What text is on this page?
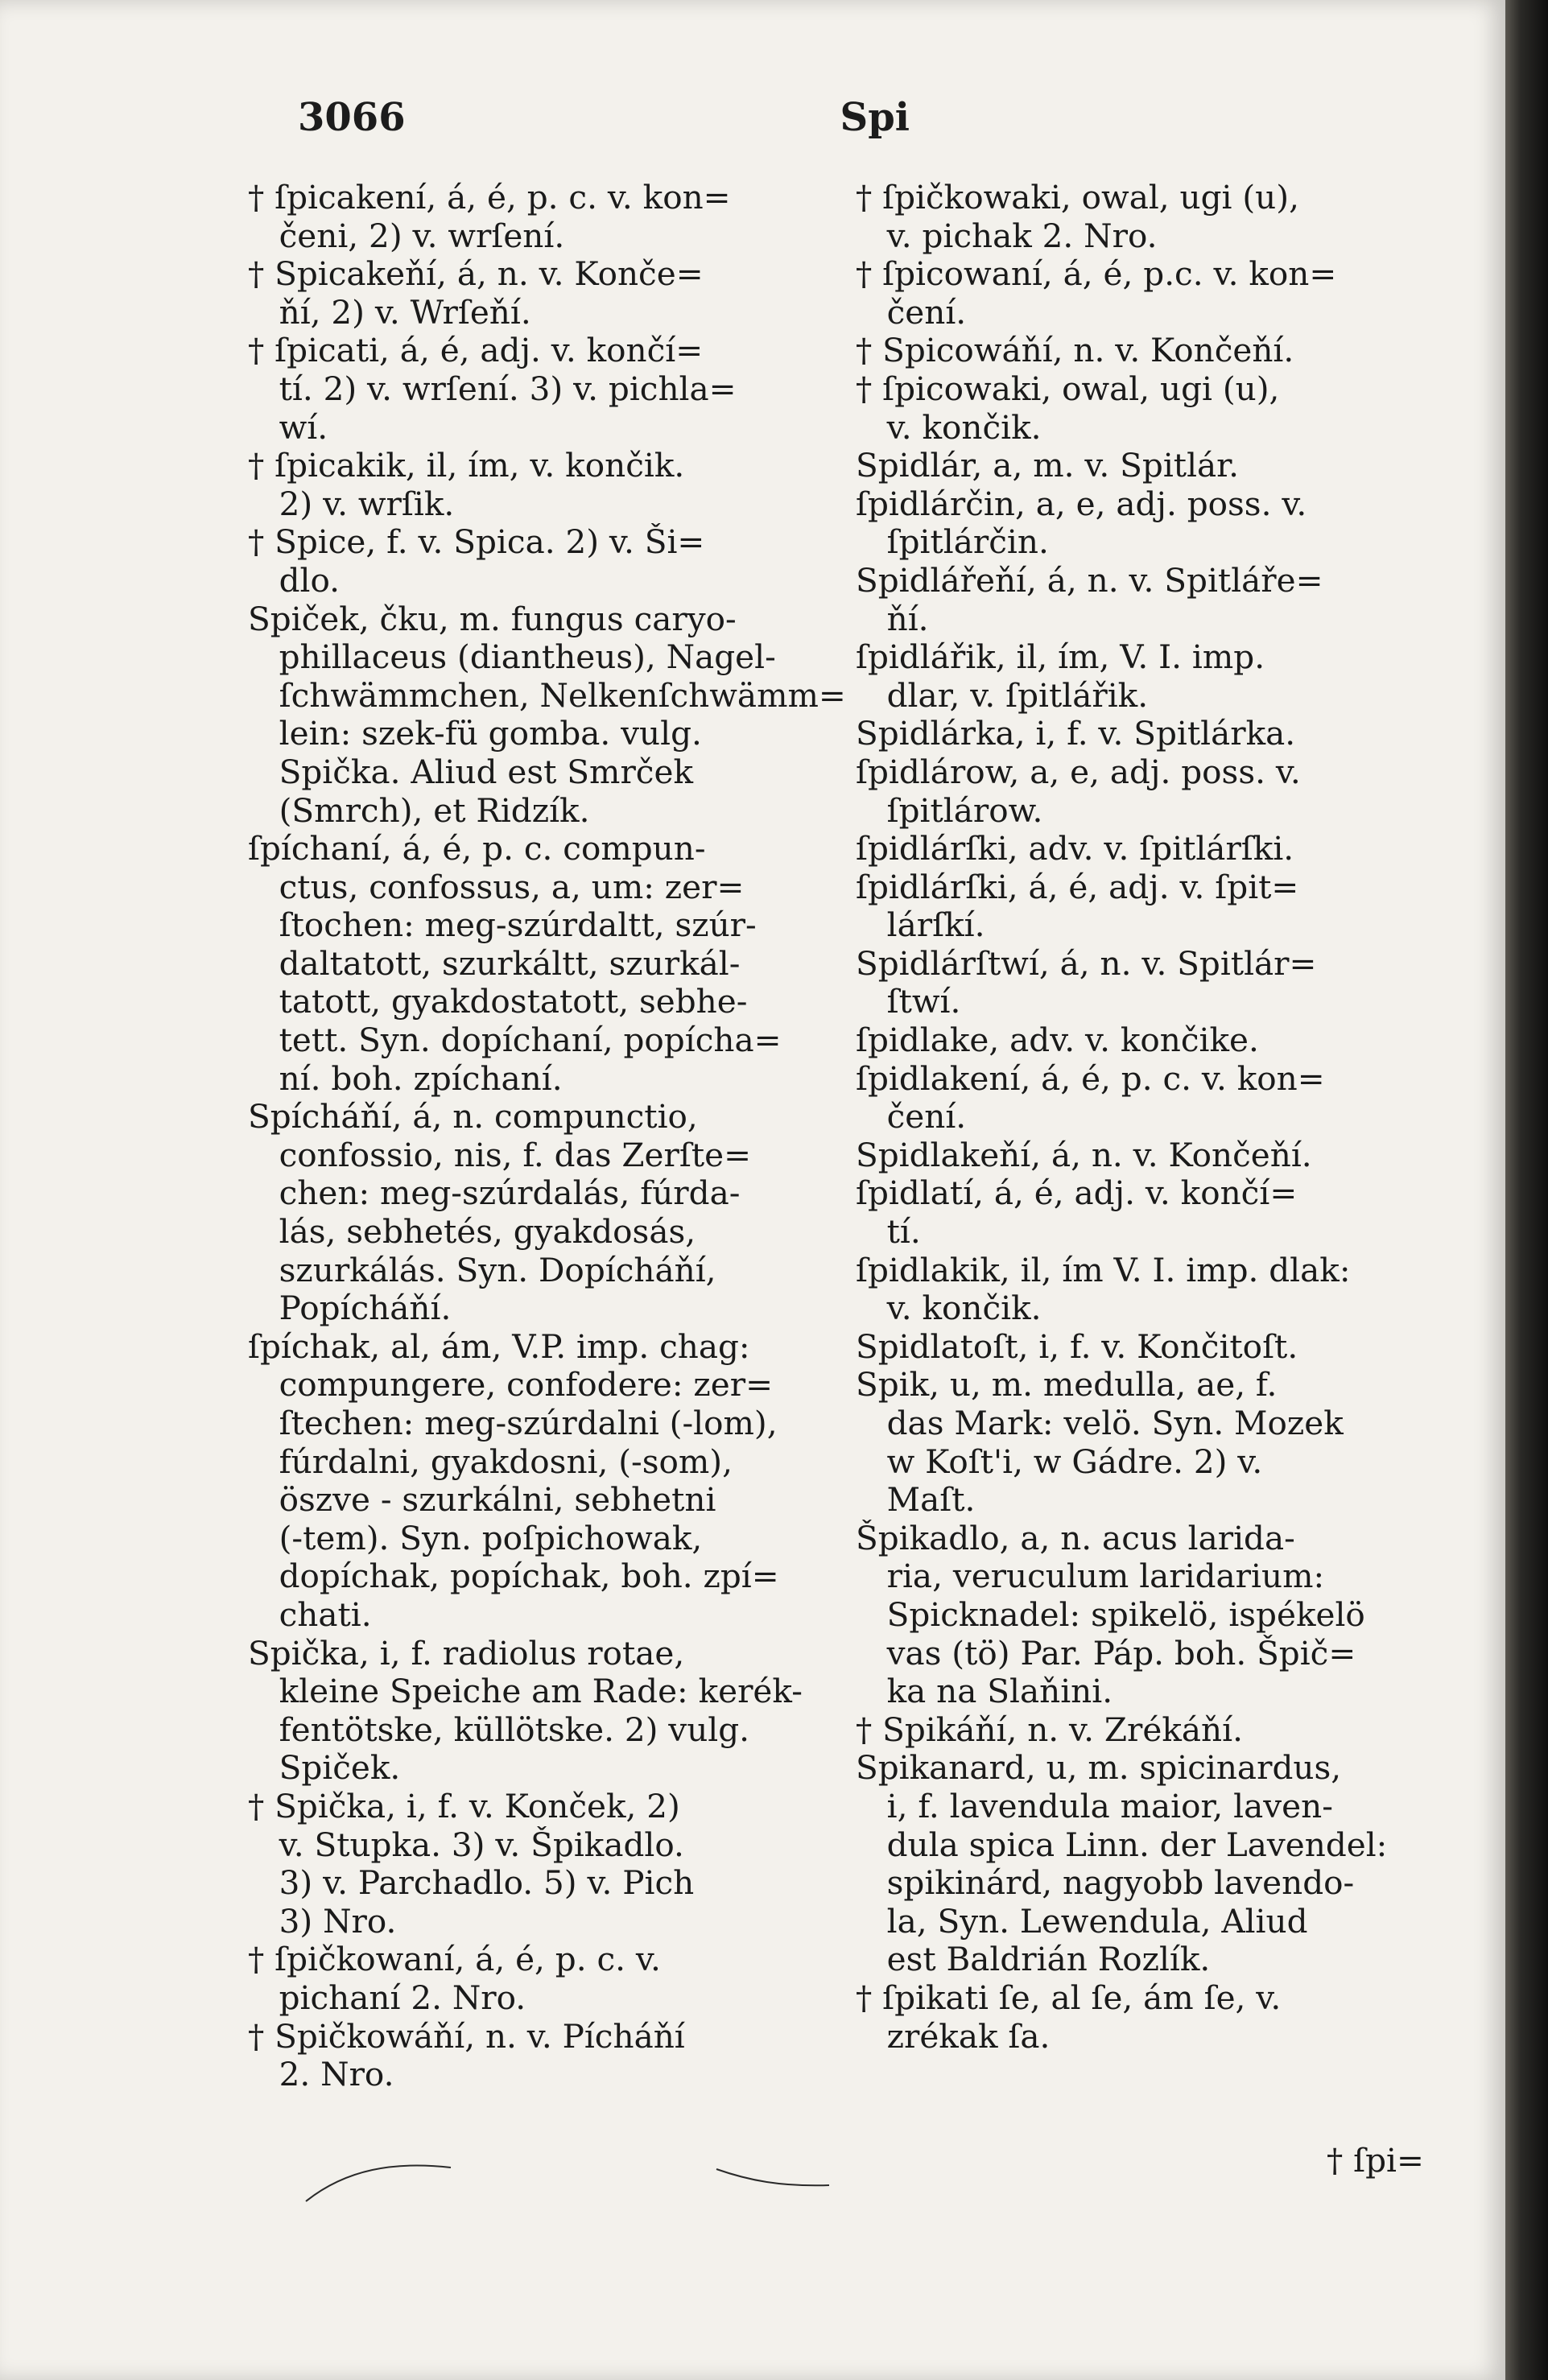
3066	Spi
† ſpicakení, á, é, p. c. v. kon=
čeni, 2) v. wrſení.
† Spicakeňí, á, n. v. Konče=
ňí, 2) v. Wrſeňí.
† ſpicati, á, é, adj. v. končí=
tí. 2) v. wrſení. 3) v. pichla=
wí.
† ſpicakik, il, ím, v. končik.
2) v. wrſik.
† Spice, f. v. Spica. 2) v. Ši=
dlo.
Spiček, čku, m. fungus caryo-
phillaceus (diantheus), Nagel-
ſchwämmchen, Nelkenſchwämm=
lein: szek-fü gomba. vulg.
Spička. Aliud est Smrček
(Smrch), et Ridzík.
ſpíchaní, á, é, p. c. compun-
ctus, confossus, a, um: zer=
ſtochen: meg-szúrdaltt, szúr-
daltatott, szurkáltt, szurkál-
tatott, gyakdostatott, sebhe-
tett. Syn. dopíchaní, popícha=
ní. boh. zpíchaní.
Spícháňí, á, n. compunctio,
confossio, nis, f. das Zerſte=
chen: meg-szúrdalás, fúrda-
lás, sebhetés, gyakdosás,
szurkálás. Syn. Dopícháňí,
Popícháňí.
ſpíchak, al, ám, V.P. imp. chag:
compungere, confodere: zer=
ſtechen: meg-szúrdalni (-lom),
fúrdalni, gyakdosni, (-som),
öszve - szurkálni, sebhetni
(-tem). Syn. poſpichowak,
dopíchak, popíchak, boh. zpí=
chati.
Spička, i, f. radiolus rotae,
kleine Speiche am Rade: kerék-
fentötske, küllötske. 2) vulg.
Spiček.
† Spička, i, f. v. Konček, 2)
v. Stupka. 3) v. Špikadlo.
3) v. Parchadlo. 5) v. Pich
3) Nro.
† ſpičkowaní, á, é, p. c. v.
pichaní 2. Nro.
† Spičkowáňí, n. v. Pícháňí
2. Nro.
† ſpičkowaki, owal, ugi (u),
v. pichak 2. Nro.
† ſpicowaní, á, é, p.c. v. kon=
čení.
† Spicowáňí, n. v. Končeňí.
† ſpicowaki, owal, ugi (u),
v. končik.
Spidlár, a, m. v. Spitlár.
ſpidlárčin, a, e, adj. poss. v.
ſpitlárčin.
Spidlářeňí, á, n. v. Spitláře=
ňí.
ſpidlářik, il, ím, V. I. imp.
dlar, v. ſpitlářik.
Spidlárka, i, f. v. Spitlárka.
ſpidlárow, a, e, adj. poss. v.
ſpitlárow.
ſpidlárſki, adv. v. ſpitlárſki.
ſpidlárſki, á, é, adj. v. ſpit=
lárſkí.
Spidlárſtwí, á, n. v. Spitlár=
ſtwí.
ſpidlake, adv. v. končike.
ſpidlakení, á, é, p. c. v. kon=
čení.
Spidlakeňí, á, n. v. Končeňí.
ſpidlatí, á, é, adj. v. končí=
tí.
ſpidlakik, il, ím V. I. imp. dlak:
v. končik.
Spidlatoſt, i, f. v. Končitoſt.
Spik, u, m. medulla, ae, f.
das Mark: velö. Syn. Mozek
w Koſt'i, w Gádre. 2) v.
Maſt.
Špikadlo, a, n. acus larida-
ria, veruculum laridarium:
Spicknadel: spikelö, ispékelö
vas (tö) Par. Páp. boh. Špič=
ka na Slaňini.
† Spikáňí, n. v. Zrékáňí.
Spikanard, u, m. spicinardus,
i, f. lavendula maior, laven-
dula spica Linn. der Lavendel:
spikinárd, nagyobb lavendo-
la, Syn. Lewendula, Aliud
est Baldrián Rozlík.
† ſpikati ſe, al ſe, ám ſe, v.
zrékak ſa.
† ſpi=
